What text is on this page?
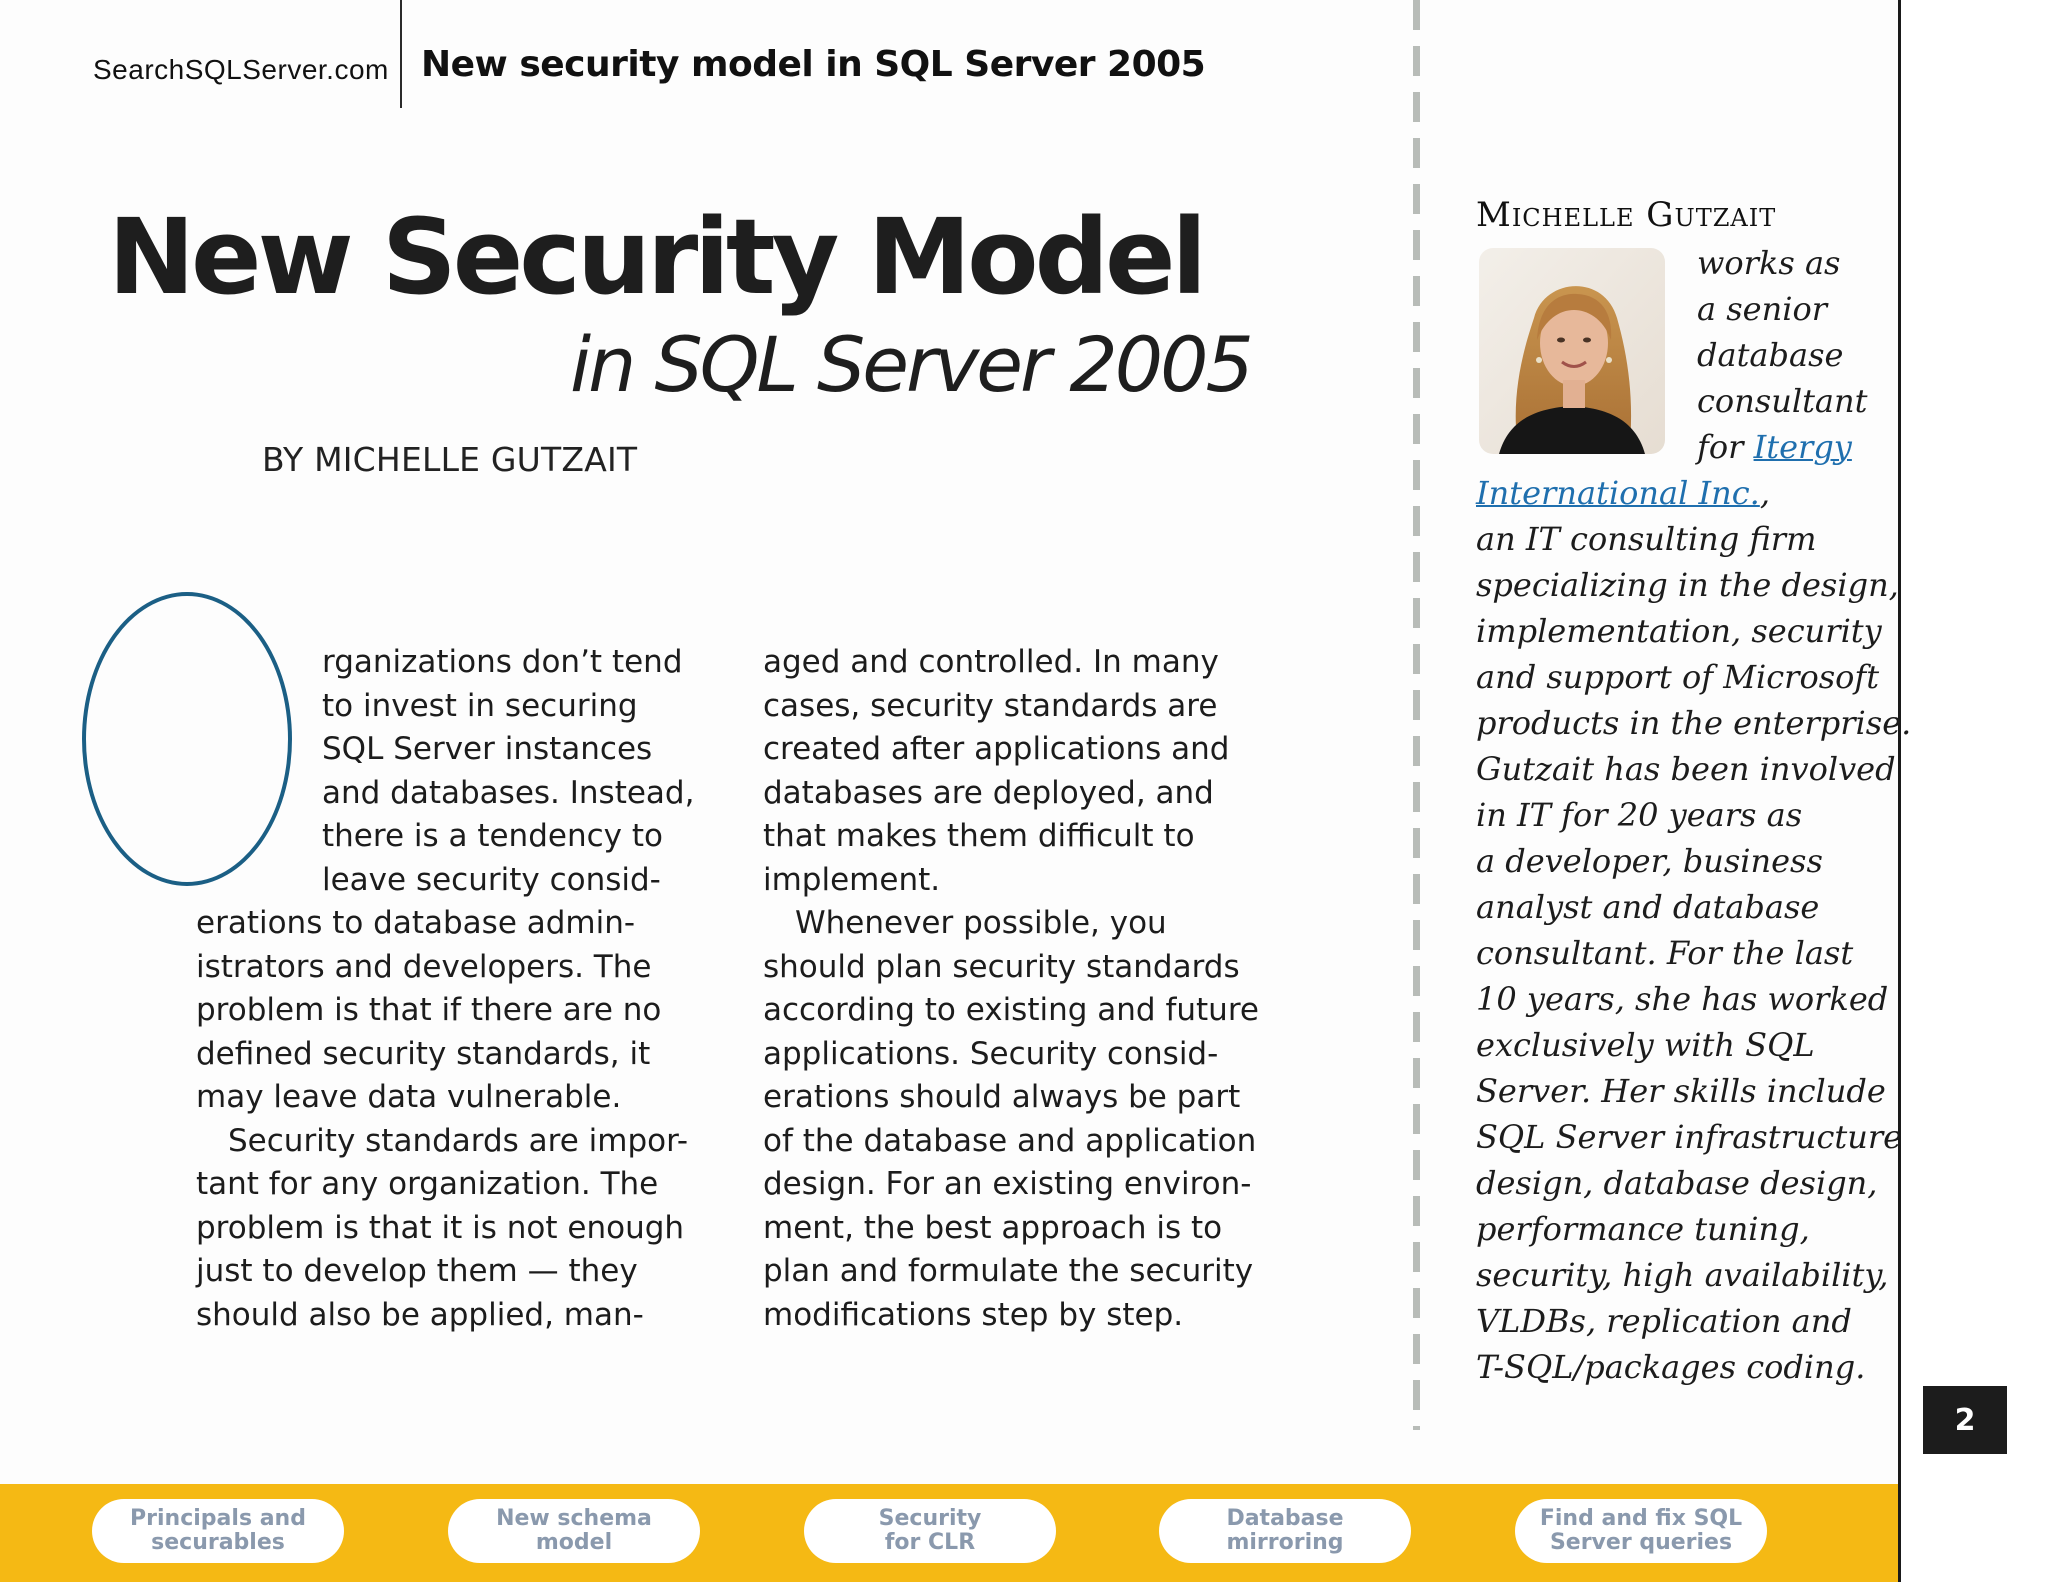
SearchSQLServer.com New security model in SQL Server 2005
New Security Model
in SQL Server 2005
BY MICHELLE GUTZAIT
rganizations don’t tend
to invest in securing
SQL Server instances
and databases. Instead,
there is a tendency to
leave security consid-
erations to database admin-
istrators and developers. The
problem is that if there are no
defined security standards, it
may leave data vulnerable.
Security standards are impor-
tant for any organization. The
problem is that it is not enough
just to develop them — they
should also be applied, man-
aged and controlled. In many
cases, security standards are
created after applications and
databases are deployed, and
that makes them difficult to
implement.
Whenever possible, you
should plan security standards
according to existing and future
applications. Security consid-
erations should always be part
of the database and application
design. For an existing environ-
ment, the best approach is to
plan and formulate the security
modifications step by step.
Michelle Gutzait
works as
a senior
database
consultant
for Itergy
International Inc.,
an IT consulting firm
specializing in the design,
implementation, security
and support of Microsoft
products in the enterprise.
Gutzait has been involved
in IT for 20 years as
a developer, business
analyst and database
consultant. For the last
10 years, she has worked
exclusively with SQL
Server. Her skills include
SQL Server infrastructure
design, database design,
performance tuning,
security, high availability,
VLDBs, replication and
T-SQL/packages coding.
2
Principals and
securables
New schema
model
Security
for CLR
Database
mirroring
Find and fix SQL
Server queries
